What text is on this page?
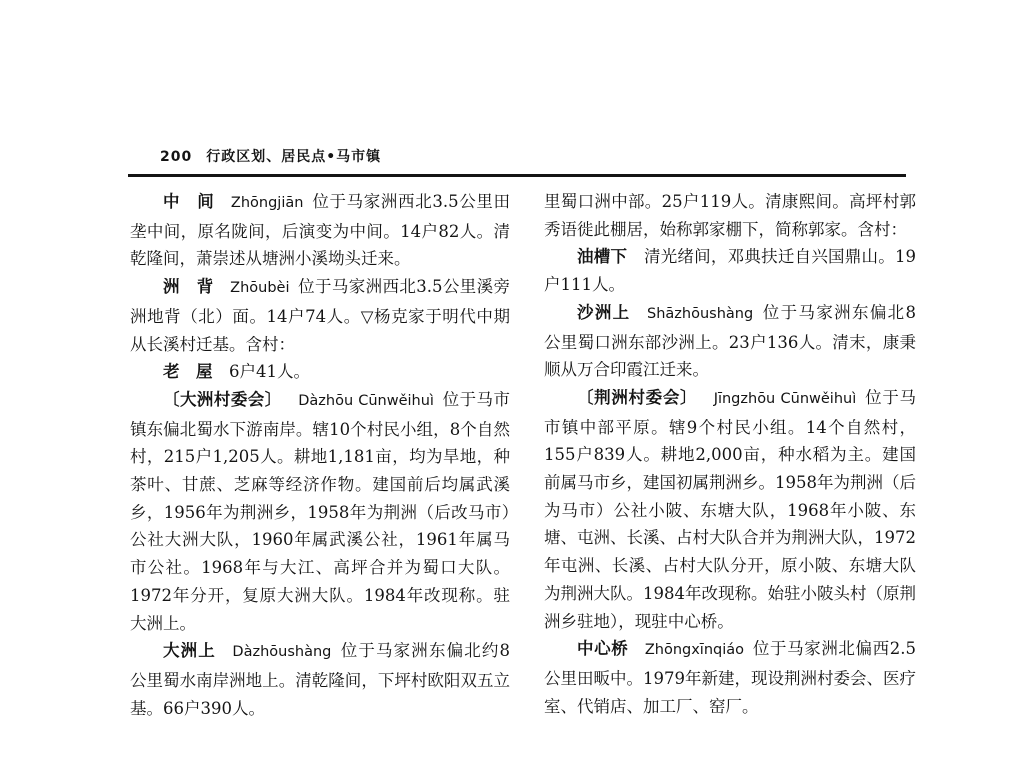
200 行政区划、居民点•马市镇

中　间  Zhōngjiān  位于马家洲西北3.5公里田垄中间，原名陇间，后演变为中间。14户82人。清乾隆间，萧崇述从塘洲小溪坳头迁来。

洲　背  Zhōubèi  位于马家洲西北3.5公里溪旁洲地背（北）面。14户74人。▽杨克家于明代中期从长溪村迁基。含村：

老　屋  6户41人。

〔大洲村委会〕  Dàzhōu Cūnwěihuì  位于马市镇东偏北蜀水下游南岸。辖10个村民小组，8个自然村，215户1,205人。耕地1,181亩，均为旱地，种茶叶、甘蔗、芝麻等经济作物。建国前后均属武溪乡，1956年为荆洲乡，1958年为荆洲（后改马市）公社大洲大队，1960年属武溪公社，1961年属马市公社。1968年与大江、高坪合并为蜀口大队。1972年分开，复原大洲大队。1984年改现称。驻大洲上。

大洲上  Dàzhōushàng  位于马家洲东偏北约8公里蜀水南岸洲地上。清乾隆间，下坪村欧阳双五立基。66户390人。

里蜀口洲中部。25户119人。清康熙间。高坪村郭秀语徙此棚居，始称郭家棚下，简称郭家。含村：

油槽下  清光绪间，邓典扶迁自兴国鼎山。19户111人。

沙洲上  Shāzhōushàng  位于马家洲东偏北8公里蜀口洲东部沙洲上。23户136人。清末，康秉顺从万合印霞江迁来。

〔荆洲村委会〕  Jīngzhōu Cūnwěihuì  位于马市镇中部平原。辖9个村民小组。14个自然村，155户839人。耕地2,000亩，种水稻为主。建国前属马市乡，建国初属荆洲乡。1958年为荆洲（后为马市）公社小陂、东塘大队，1968年小陂、东塘、屯洲、长溪、占村大队合并为荆洲大队，1972年屯洲、长溪、占村大队分开，原小陂、东塘大队为荆洲大队。1984年改现称。始驻小陂头村（原荆洲乡驻地），现驻中心桥。

中心桥  Zhōngxīnqiáo  位于马家洲北偏西2.5公里田畈中。1979年新建，现设荆洲村委会、医疗室、代销店、加工厂、窑厂。
